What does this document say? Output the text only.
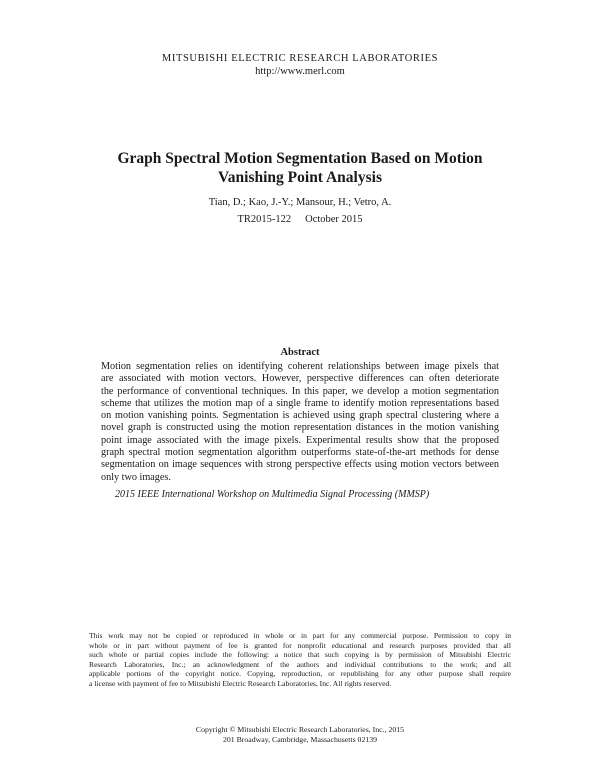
MITSUBISHI ELECTRIC RESEARCH LABORATORIES
http://www.merl.com
Graph Spectral Motion Segmentation Based on Motion
Vanishing Point Analysis
Tian, D.; Kao, J.-Y.; Mansour, H.; Vetro, A.
TR2015-122 October 2015
Abstract
Motion segmentation relies on identifying coherent relationships between image pixels that
are associated with motion vectors. However, perspective differences can often deteriorate
the performance of conventional techniques. In this paper, we develop a motion segmentation
scheme that utilizes the motion map of a single frame to identify motion representations based
on motion vanishing points. Segmentation is achieved using graph spectral clustering where a
novel graph is constructed using the motion representation distances in the motion vanishing
point image associated with the image pixels. Experimental results show that the proposed
graph spectral motion segmentation algorithm outperforms state-of-the-art methods for dense
segmentation on image sequences with strong perspective effects using motion vectors between
only two images.
2015 IEEE International Workshop on Multimedia Signal Processing (MMSP)
This work may not be copied or reproduced in whole or in part for any commercial purpose. Permission to copy in
whole or in part without payment of fee is granted for nonprofit educational and research purposes provided that all
such whole or partial copies include the following: a notice that such copying is by permission of Mitsubishi Electric
Research Laboratories, Inc.; an acknowledgment of the authors and individual contributions to the work; and all
applicable portions of the copyright notice. Copying, reproduction, or republishing for any other purpose shall require
a license with payment of fee to Mitsubishi Electric Research Laboratories, Inc. All rights reserved.
Copyright © Mitsubishi Electric Research Laboratories, Inc., 2015
201 Broadway, Cambridge, Massachusetts 02139
